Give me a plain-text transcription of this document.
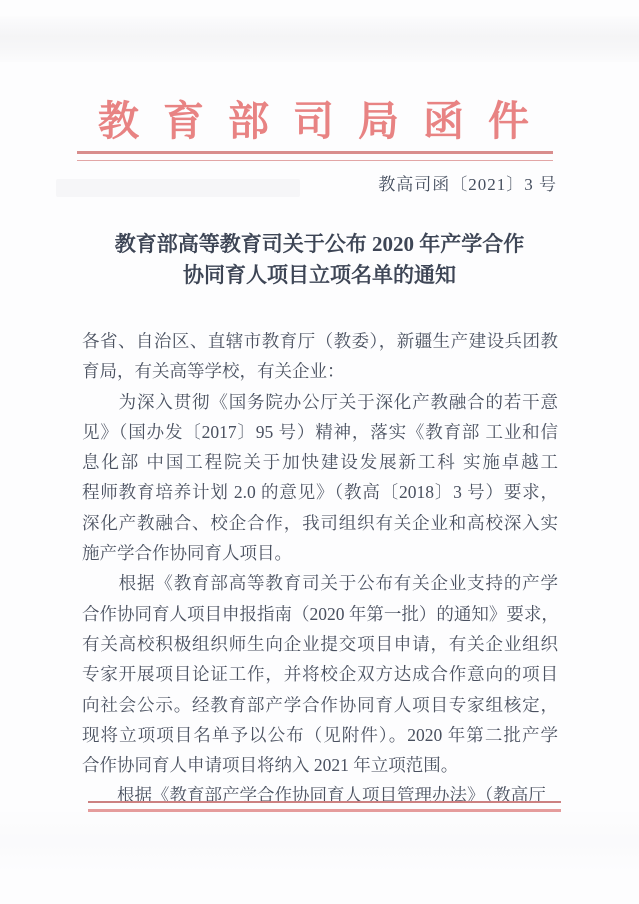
教育部司局函件
教高司函〔2021〕3 号
教育部高等教育司关于公布 2020 年产学合作
协同育人项目立项名单的通知
各省、自治区、直辖市教育厅（教委），新疆生产建设兵团教
育局，有关高等学校，有关企业：
　　为深入贯彻《国务院办公厅关于深化产教融合的若干意
见》（国办发〔2017〕95 号）精神，落实《教育部 工业和信
息化部 中国工程院关于加快建设发展新工科 实施卓越工
程师教育培养计划 2.0 的意见》（教高〔2018〕3 号）要求，
深化产教融合、校企合作，我司组织有关企业和高校深入实
施产学合作协同育人项目。
　　根据《教育部高等教育司关于公布有关企业支持的产学
合作协同育人项目申报指南（2020 年第一批）的通知》要求，
有关高校积极组织师生向企业提交项目申请，有关企业组织
专家开展项目论证工作，并将校企双方达成合作意向的项目
向社会公示。经教育部产学合作协同育人项目专家组核定，
现将立项项目名单予以公布（见附件）。2020 年第二批产学
合作协同育人申请项目将纳入 2021 年立项范围。
　　根据《教育部产学合作协同育人项目管理办法》（教高厅
